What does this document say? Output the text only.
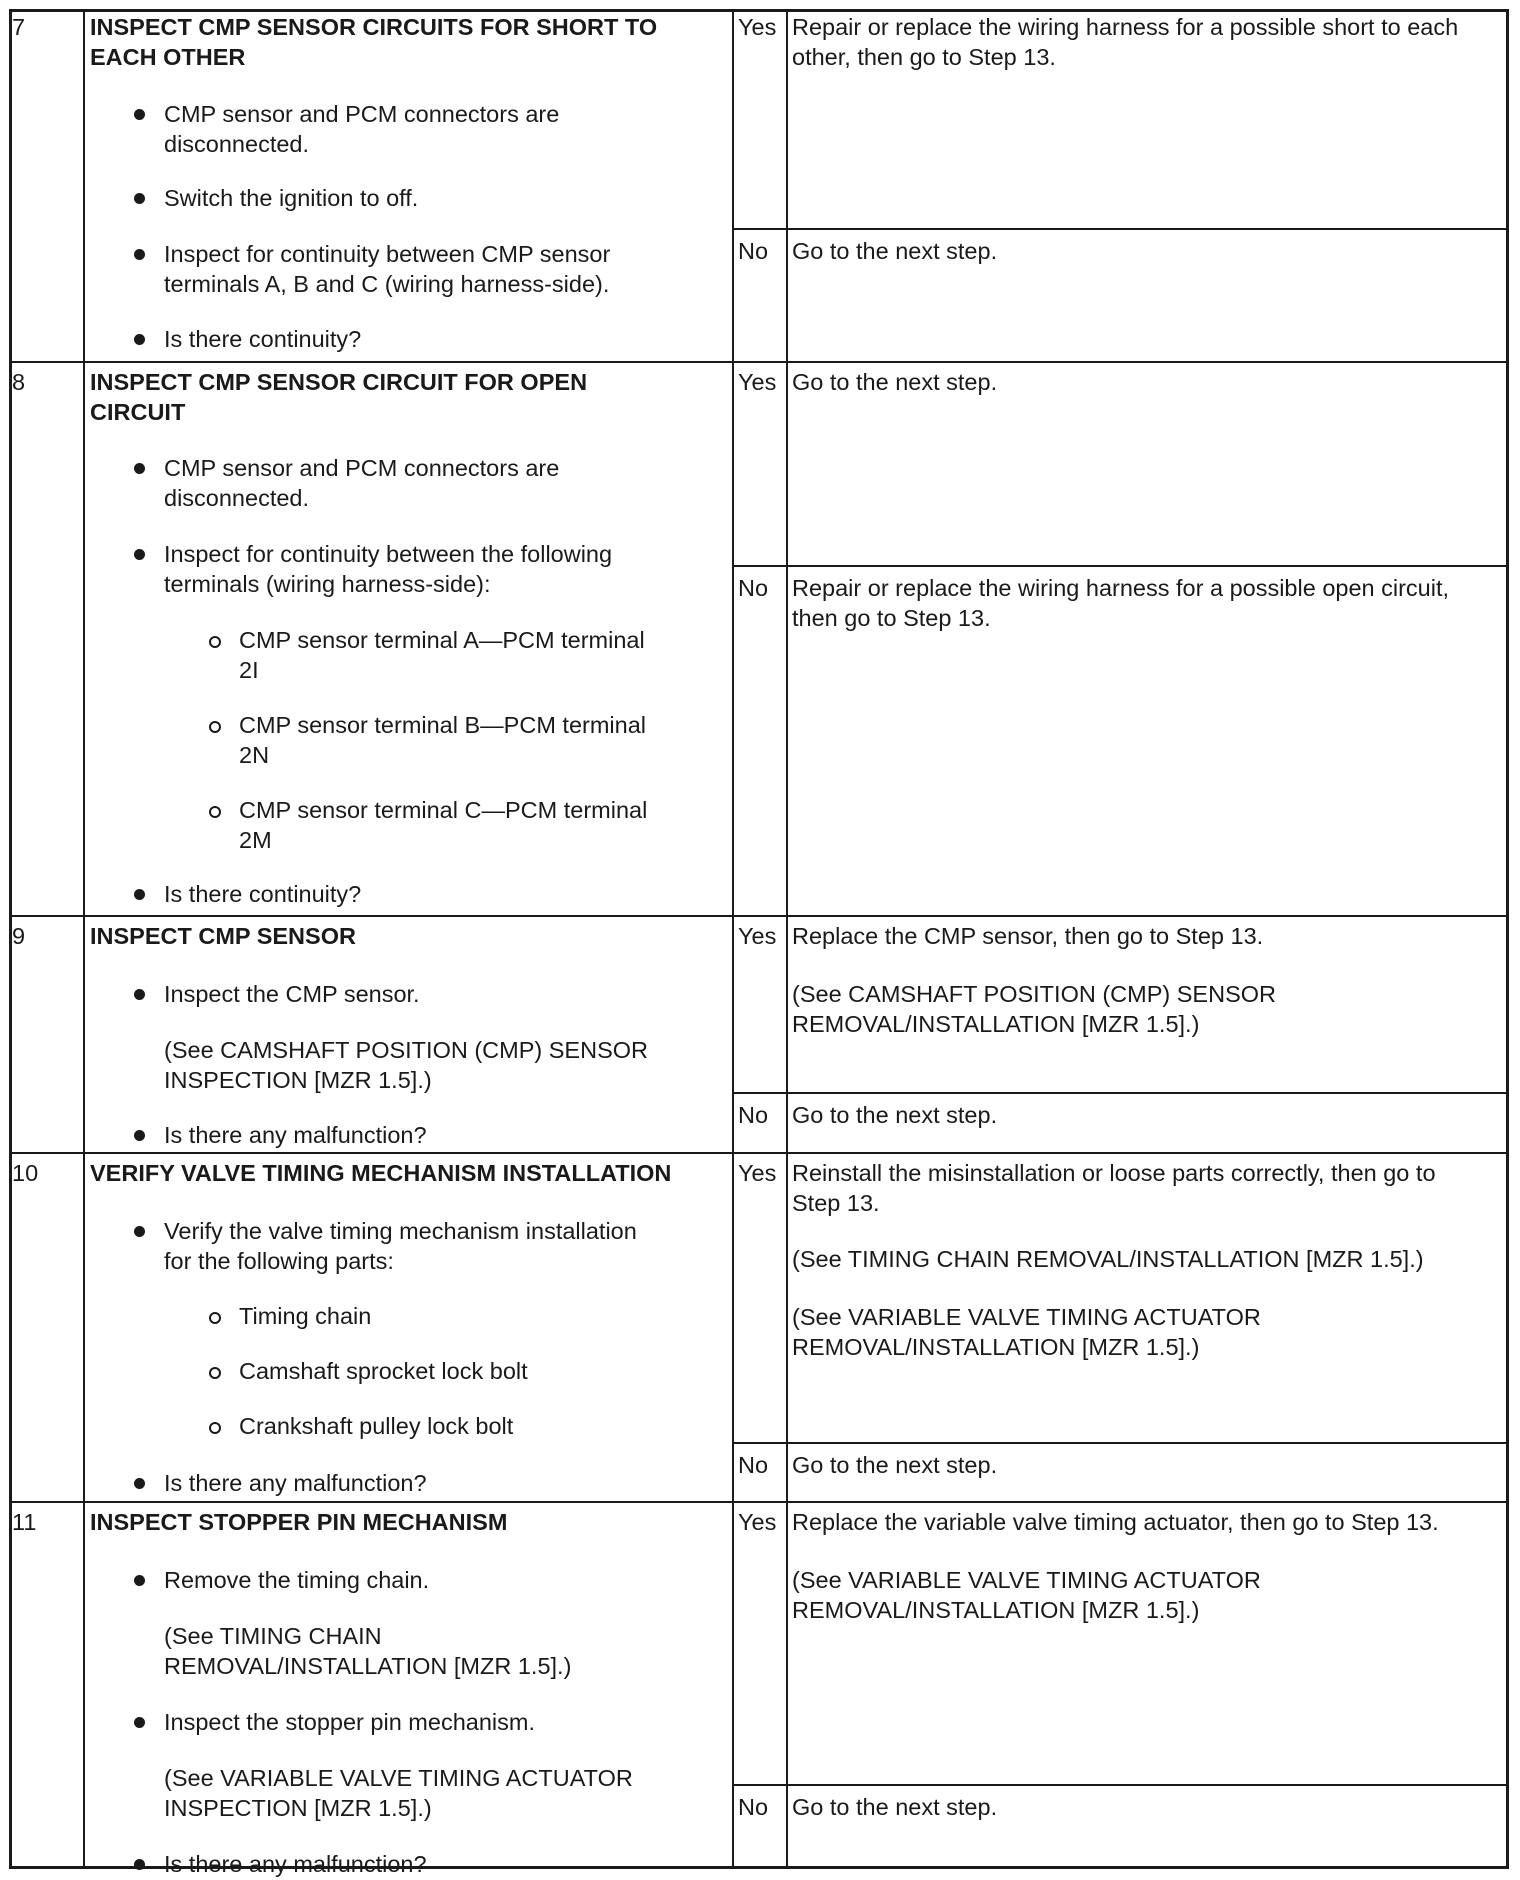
7	INSPECT CMP SENSOR CIRCUITS FOR SHORT TO
EACH OTHER
CMP sensor and PCM connectors are
disconnected.
Switch the ignition to off.
Inspect for continuity between CMP sensor
terminals A, B and C (wiring harness-side).
Is there continuity?
Yes Repair or replace the wiring harness for a possible short to each
other, then go to Step 13.
No Go to the next step.
8	INSPECT CMP SENSOR CIRCUIT FOR OPEN
CIRCUIT
CMP sensor and PCM connectors are
disconnected.
Inspect for continuity between the following
terminals (wiring harness-side):
CMP sensor terminal A—PCM terminal
2I
CMP sensor terminal B—PCM terminal
2N
CMP sensor terminal C—PCM terminal
2M
Is there continuity?
Yes Go to the next step.
No Repair or replace the wiring harness for a possible open circuit,
then go to Step 13.
9	INSPECT CMP SENSOR
Inspect the CMP sensor.
(See CAMSHAFT POSITION (CMP) SENSOR
INSPECTION [MZR 1.5].)
Is there any malfunction?
Yes Replace the CMP sensor, then go to Step 13.
(See CAMSHAFT POSITION (CMP) SENSOR
REMOVAL/INSTALLATION [MZR 1.5].)
No Go to the next step.
10 VERIFY VALVE TIMING MECHANISM INSTALLATION
Verify the valve timing mechanism installation
for the following parts:
Timing chain
Camshaft sprocket lock bolt
Crankshaft pulley lock bolt
Is there any malfunction?
Yes Reinstall the misinstallation or loose parts correctly, then go to
Step 13.
(See TIMING CHAIN REMOVAL/INSTALLATION [MZR 1.5].)
(See VARIABLE VALVE TIMING ACTUATOR
REMOVAL/INSTALLATION [MZR 1.5].)
No Go to the next step.
11 INSPECT STOPPER PIN MECHANISM
Remove the timing chain.
(See TIMING CHAIN
REMOVAL/INSTALLATION [MZR 1.5].)
Inspect the stopper pin mechanism.
(See VARIABLE VALVE TIMING ACTUATOR
INSPECTION [MZR 1.5].)
Is there any malfunction?
Yes Replace the variable valve timing actuator, then go to Step 13.
(See VARIABLE VALVE TIMING ACTUATOR
REMOVAL/INSTALLATION [MZR 1.5].)
No Go to the next step.
